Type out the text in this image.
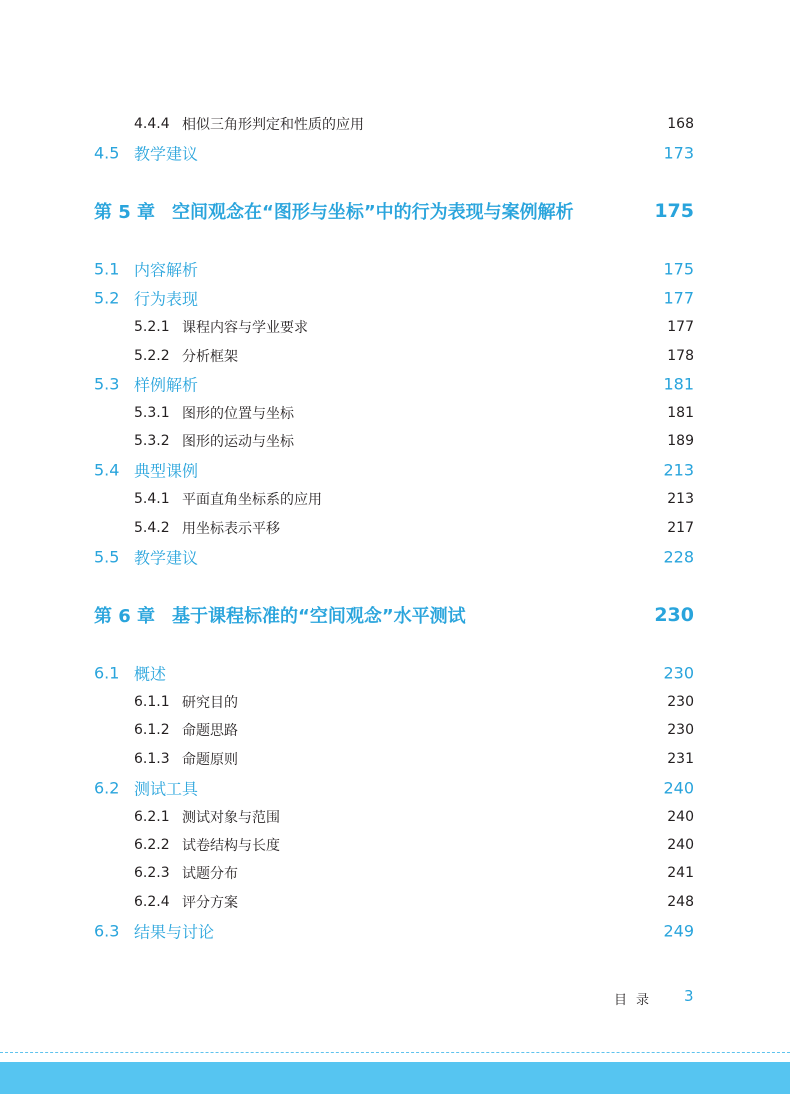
4.4.4 相似三角形判定和性质的应用	168
4.5 教学建议	173
第 5 章 空间观念在“图形与坐标”中的行为表现与案例解析	175
5.1 内容解析	175
5.2 行为表现	177
5.2.1 课程内容与学业要求	177
5.2.2 分析框架	178
5.3 样例解析	181
5.3.1 图形的位置与坐标	181
5.3.2 图形的运动与坐标	189
5.4 典型课例	213
5.4.1 平面直角坐标系的应用	213
5.4.2 用坐标表示平移	217
5.5 教学建议	228
第 6 章 基于课程标准的“空间观念”水平测试	230
6.1 概述	230
6.1.1 研究目的	230
6.1.2 命题思路	230
6.1.3 命题原则	231
6.2 测试工具	240
6.2.1 测试对象与范围	240
6.2.2 试卷结构与长度	240
6.2.3 试题分布	241
6.2.4 评分方案	248
6.3 结果与讨论	249
目录 3
